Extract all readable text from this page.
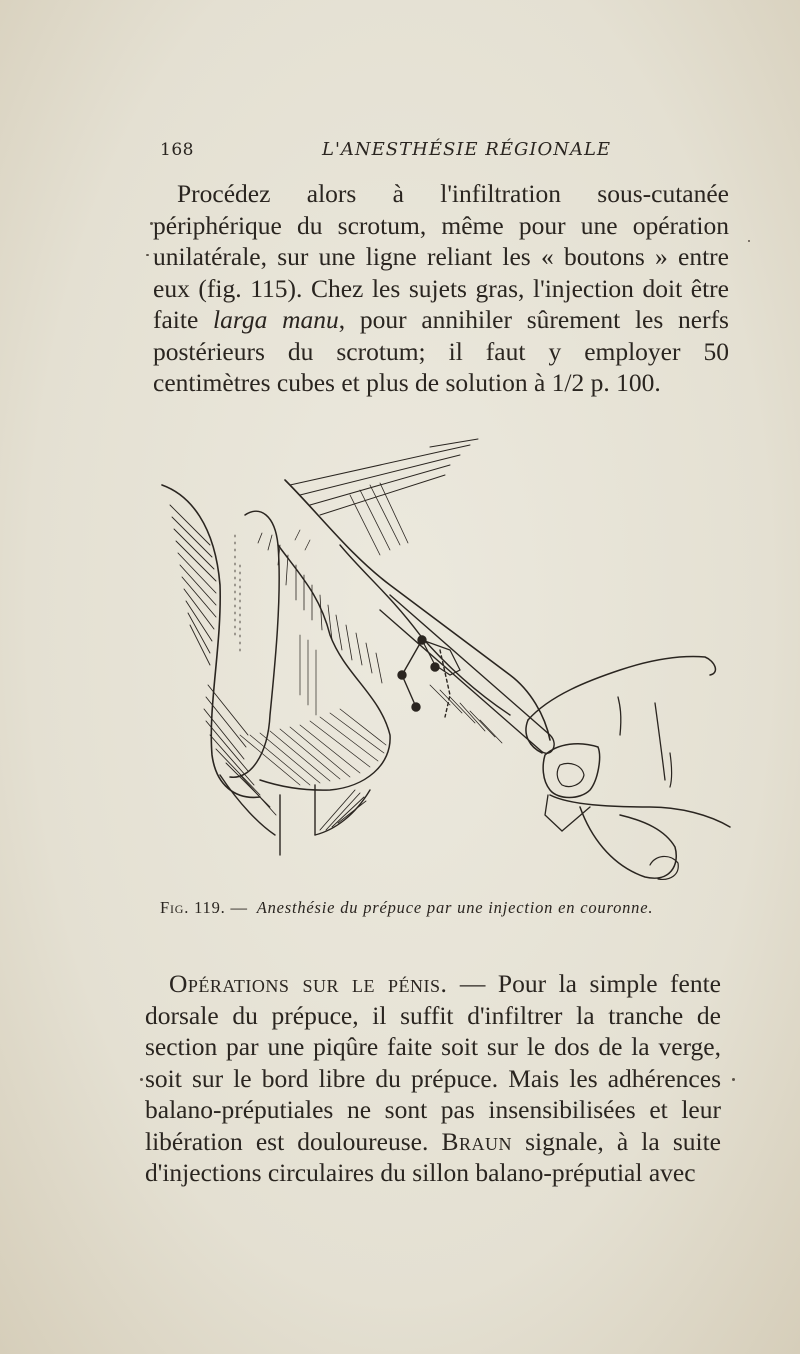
168	L'ANESTHÉSIE RÉGIONALE

Procédez alors à l'infiltration sous-cutanée périphérique du scrotum, même pour une opération unilatérale, sur une ligne reliant les « boutons » entre eux (fig. 115). Chez les sujets gras, l'injection doit être faite larga manu, pour annihiler sûrement les nerfs postérieurs du scrotum; il faut y employer 50 centimètres cubes et plus de solution à 1/2 p. 100.

Fig. 119. — Anesthésie du prépuce par une injection en couronne.

Opérations sur le pénis. — Pour la simple fente dorsale du prépuce, il suffit d'infiltrer la tranche de section par une piqûre faite soit sur le dos de la verge, soit sur le bord libre du prépuce. Mais les adhérences balano-préputiales ne sont pas insensibilisées et leur libération est douloureuse. Braun signale, à la suite d'injections circulaires du sillon balano-préputial avec
